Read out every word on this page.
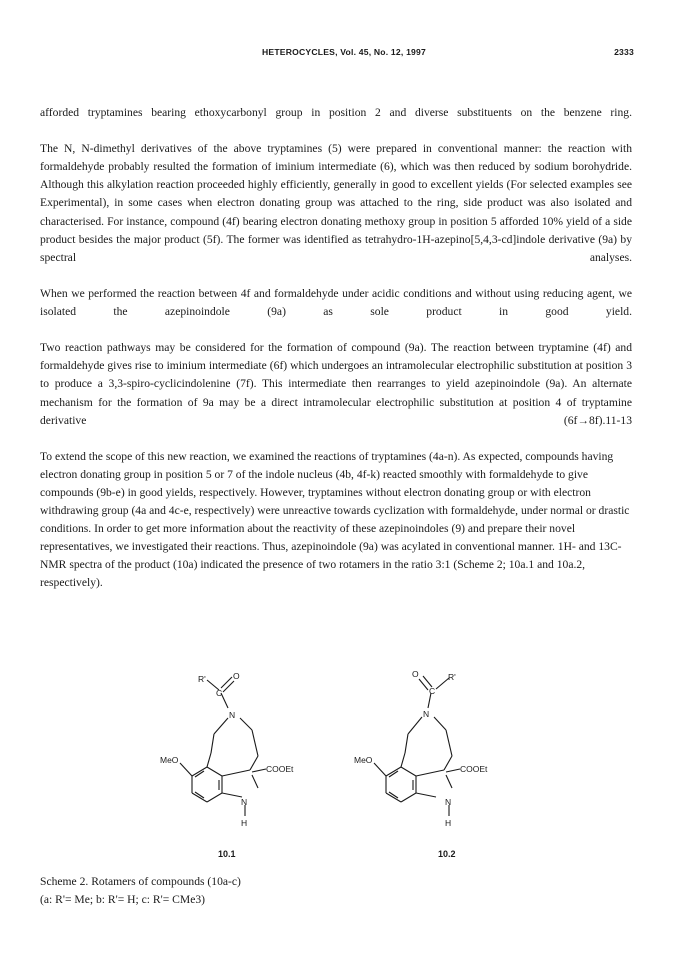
HETEROCYCLES, Vol. 45, No. 12, 1997	2333

afforded tryptamines bearing ethoxycarbonyl group in position 2 and diverse substituents on the benzene ring.

The N, N-dimethyl derivatives of the above tryptamines (5) were prepared in conventional manner: the reaction with formaldehyde probably resulted the formation of iminium intermediate (6), which was then reduced by sodium borohydride. Although this alkylation reaction proceeded highly efficiently, generally in good to excellent yields (For selected examples see Experimental), in some cases when electron donating group was attached to the ring, side product was also isolated and characterised. For instance, compound (4f) bearing electron donating methoxy group in position 5 afforded 10% yield of a side product besides the major product (5f). The former was identified as tetrahydro-1H-azepino[5,4,3-cd]indole derivative (9a) by spectral analyses.

When we performed the reaction between 4f and formaldehyde under acidic conditions and without using reducing agent, we isolated the azepinoindole (9a) as sole product in good yield.

Two reaction pathways may be considered for the formation of compound (9a). The reaction between tryptamine (4f) and formaldehyde gives rise to iminium intermediate (6f) which undergoes an intramolecular electrophilic substitution at position 3 to produce a 3,3-spiro-cyclicindolenine (7f). This intermediate then rearranges to yield azepinoindole (9a). An alternate mechanism for the formation of 9a may be a direct intramolecular electrophilic substitution at position 4 of tryptamine derivative (6f→8f).11-13

To extend the scope of this new reaction, we examined the reactions of tryptamines (4a-n). As expected, compounds having electron donating group in position 5 or 7 of the indole nucleus (4b, 4f-k) reacted smoothly with formaldehyde to give compounds (9b-e) in good yields, respectively. However, tryptamines without electron donating group or with electron withdrawing group (4a and 4c-e, respectively) were unreactive towards cyclization with formaldehyde, under normal or drastic conditions. In order to get more information about the reactivity of these azepinoindoles (9) and prepare their novel representatives, we investigated their reactions. Thus, azepinoindole (9a) was acylated in conventional manner. 1H- and 13C- NMR spectra of the product (10a) indicated the presence of two rotamers in the ratio 3:1 (Scheme 2; 10a.1 and 10a.2, respectively).

R'
C
O
N
MeO
COOEt
N
H
10.1
R'
C
O
N
MeO
COOEt
N
H
10.2
Scheme 2. Rotamers of compounds (10a-c)
(a: R'= Me; b: R'= H; c: R'= CMe3)
